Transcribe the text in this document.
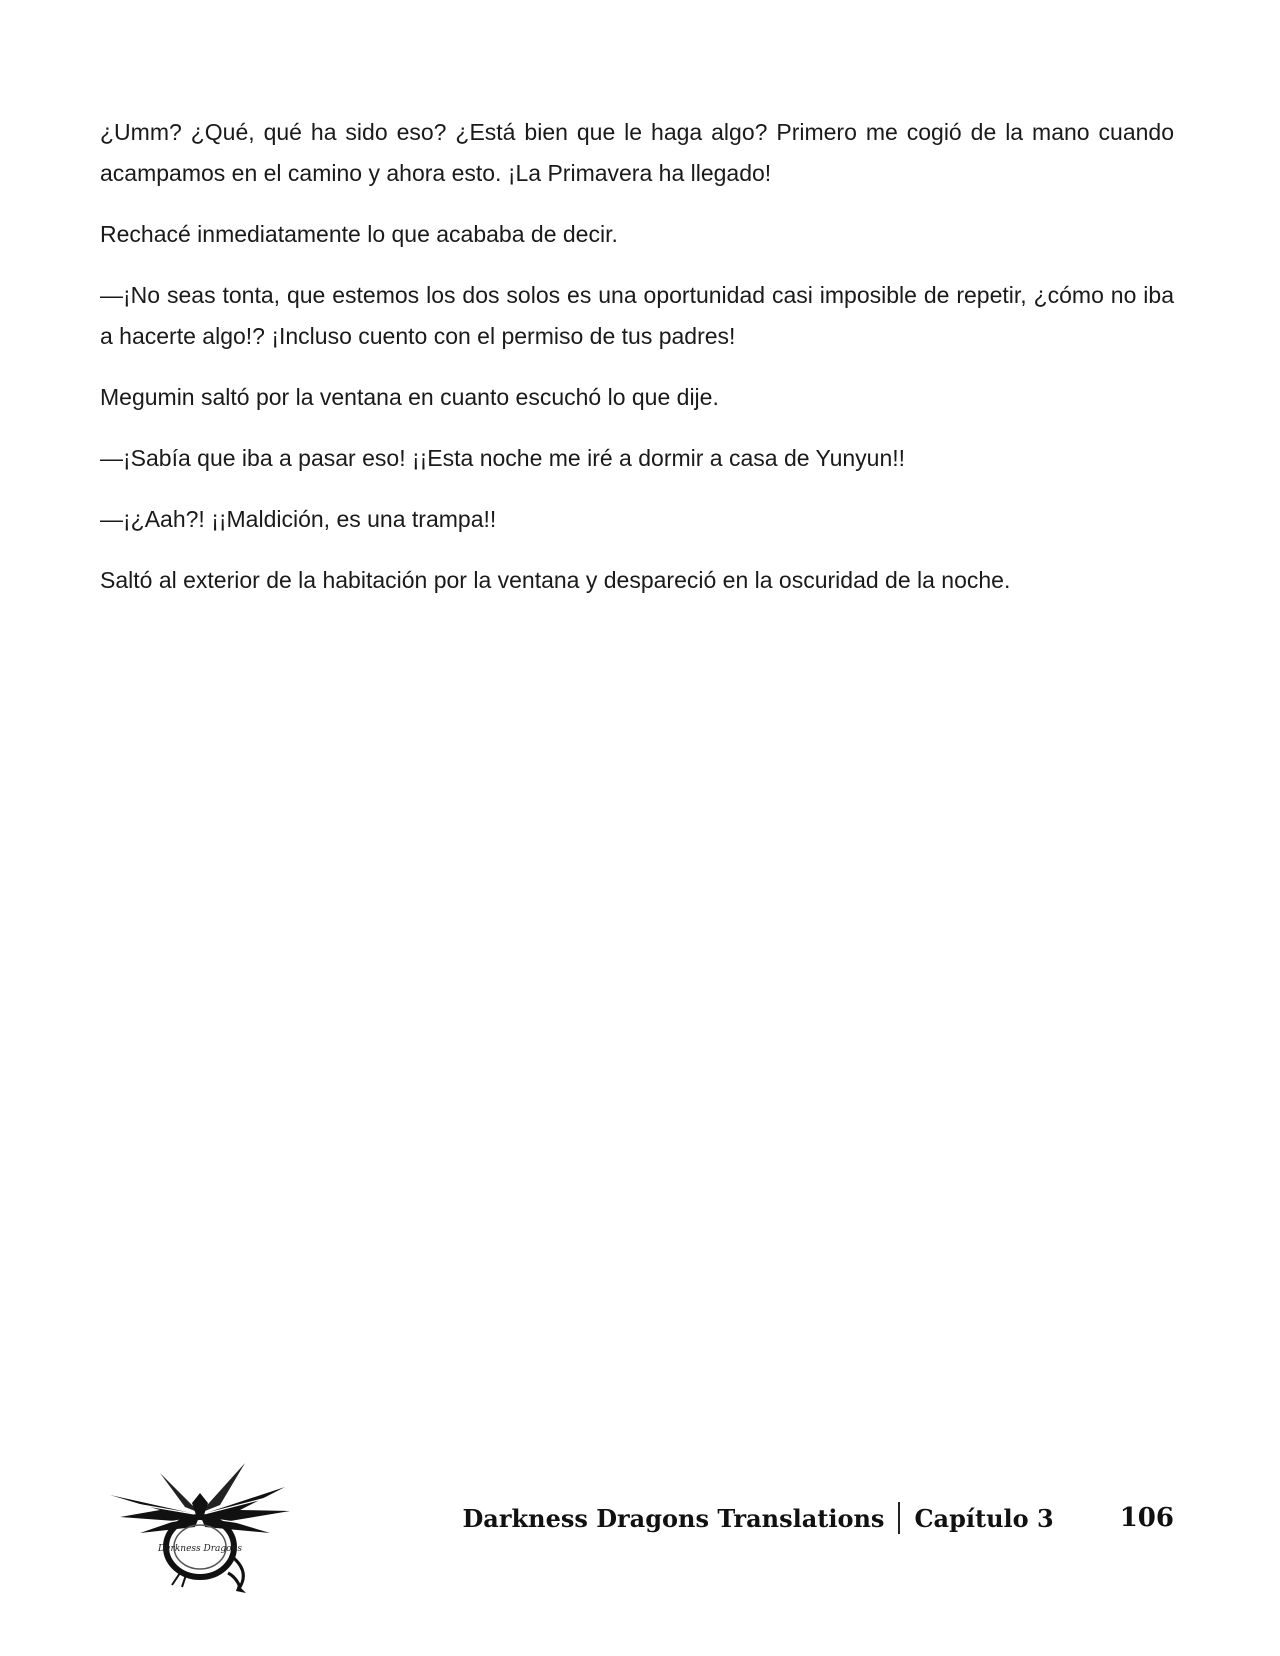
¿Umm? ¿Qué, qué ha sido eso? ¿Está bien que le haga algo? Primero me cogió de la mano cuando acampamos en el camino y ahora esto. ¡La Primavera ha llegado!

Rechacé inmediatamente lo que acababa de decir.

—¡No seas tonta, que estemos los dos solos es una oportunidad casi imposible de repetir, ¿cómo no iba a hacerte algo!? ¡Incluso cuento con el permiso de tus padres!

Megumin saltó por la ventana en cuanto escuchó lo que dije.

—¡Sabía que iba a pasar eso! ¡¡Esta noche me iré a dormir a casa de Yunyun!!

—¡¿Aah?! ¡¡Maldición, es una trampa!!

Saltó al exterior de la habitación por la ventana y despareció en la oscuridad de la noche.

Darkness Dragons
Darkness Dragons Translations Capítulo 3	106
